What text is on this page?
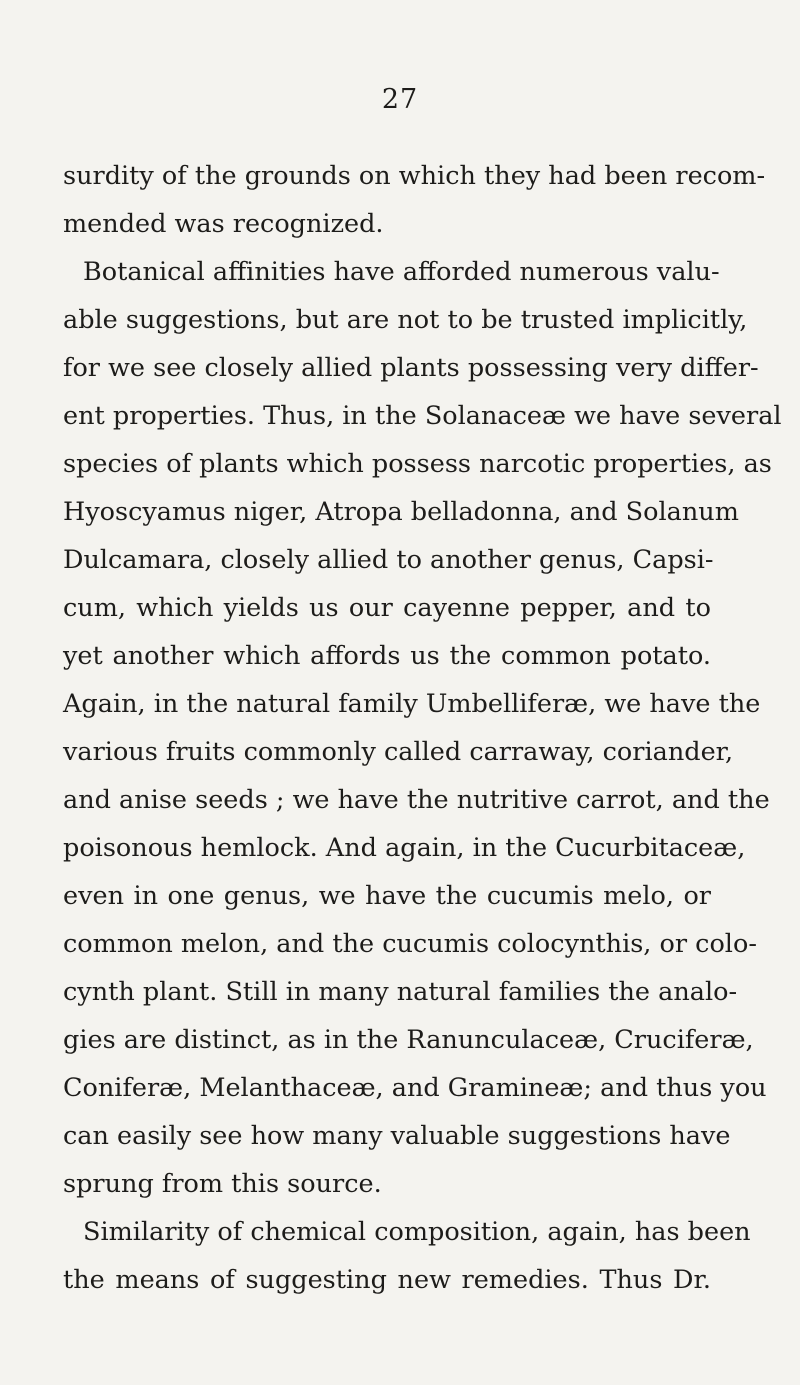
27
surdity of the grounds on which they had been recom-
mended was recognized.
Botanical affinities have afforded numerous valu-
able suggestions, but are not to be trusted implicitly,
for we see closely allied plants possessing very differ-
ent properties. Thus, in the Solanaceæ we have several
species of plants which possess narcotic properties, as
Hyoscyamus niger, Atropa belladonna, and Solanum
Dulcamara, closely allied to another genus, Capsi-
cum, which yields us our cayenne pepper, and to
yet another which affords us the common potato.
Again, in the natural family Umbelliferæ, we have the
various fruits commonly called carraway, coriander,
and anise seeds ; we have the nutritive carrot, and the
poisonous hemlock. And again, in the Cucurbitaceæ,
even in one genus, we have the cucumis melo, or
common melon, and the cucumis colocynthis, or colo-
cynth plant. Still in many natural families the analo-
gies are distinct, as in the Ranunculaceæ, Cruciferæ,
Coniferæ, Melanthaceæ, and Gramineæ; and thus you
can easily see how many valuable suggestions have
sprung from this source.
Similarity of chemical composition, again, has been
the means of suggesting new remedies. Thus Dr.
